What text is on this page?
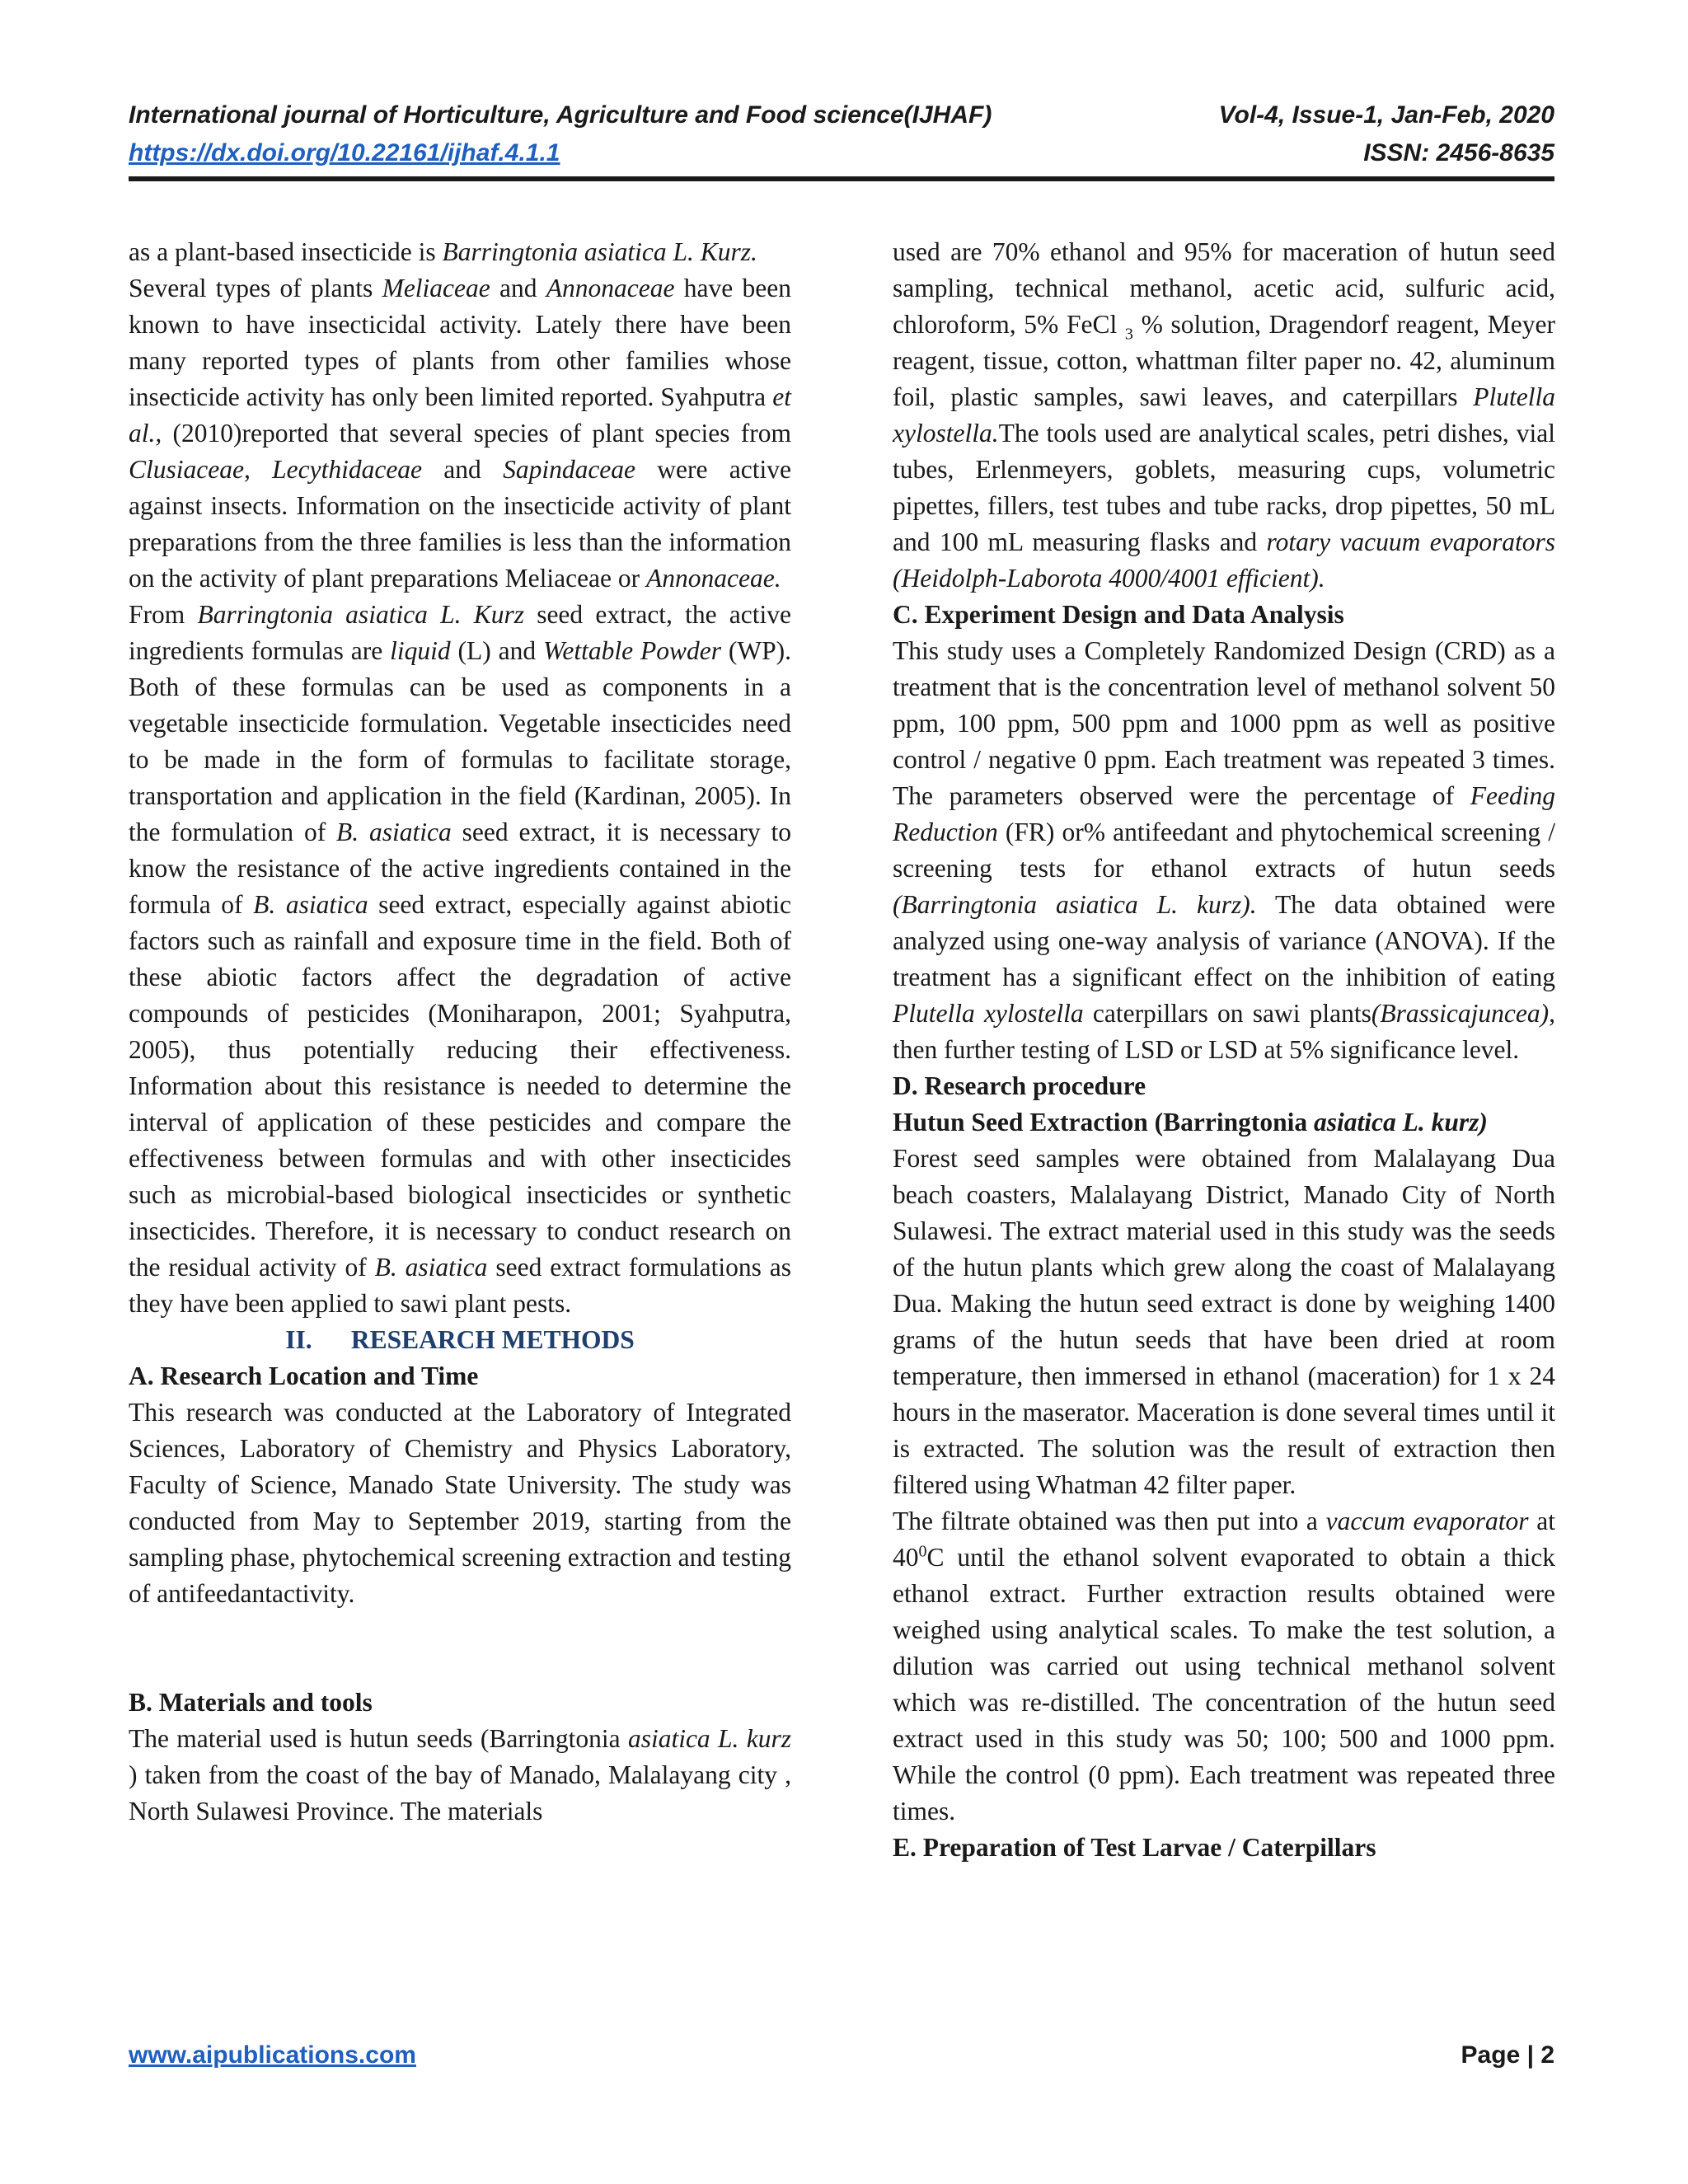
International journal of Horticulture, Agriculture and Food science(IJHAF)	Vol-4, Issue-1, Jan-Feb, 2020
https://dx.doi.org/10.22161/ijhaf.4.1.1	ISSN: 2456-8635

as a plant-based insecticide is Barringtonia asiatica L. Kurz.

Several types of plants Meliaceae and Annonaceae have been known to have insecticidal activity. Lately there have been many reported types of plants from other families whose insecticide activity has only been limited reported. Syahputra et al., (2010)reported that several species of plant species from Clusiaceae, Lecythidaceae and Sapindaceae were active against insects. Information on the insecticide activity of plant preparations from the three families is less than the information on the activity of plant preparations Meliaceae or Annonaceae.

From Barringtonia asiatica L. Kurz seed extract, the active ingredients formulas are liquid (L) and Wettable Powder (WP). Both of these formulas can be used as components in a vegetable insecticide formulation. Vegetable insecticides need to be made in the form of formulas to facilitate storage, transportation and application in the field (Kardinan, 2005). In the formulation of B. asiatica seed extract, it is necessary to know the resistance of the active ingredients contained in the formula of B. asiatica seed extract, especially against abiotic factors such as rainfall and exposure time in the field. Both of these abiotic factors affect the degradation of active compounds of pesticides (Moniharapon, 2001; Syahputra, 2005), thus potentially reducing their effectiveness. Information about this resistance is needed to determine the interval of application of these pesticides and compare the effectiveness between formulas and with other insecticides such as microbial-based biological insecticides or synthetic insecticides. Therefore, it is necessary to conduct research on the residual activity of B. asiatica seed extract formulations as they have been applied to sawi plant pests.

II. RESEARCH METHODS

A. Research Location and Time

This research was conducted at the Laboratory of Integrated Sciences, Laboratory of Chemistry and Physics Laboratory, Faculty of Science, Manado State University. The study was conducted from May to September 2019, starting from the sampling phase, phytochemical screening extraction and testing of antifeedantactivity.

B. Materials and tools

The material used is hutun seeds (Barringtonia asiatica L. kurz ) taken from the coast of the bay of Manado, Malalayang city , North Sulawesi Province. The materials

used are 70% ethanol and 95% for maceration of hutun seed sampling, technical methanol, acetic acid, sulfuric acid, chloroform, 5% FeCl $_3$ % solution, Dragendorf reagent, Meyer reagent, tissue, cotton, whattman filter paper no. 42, aluminum foil, plastic samples, sawi leaves, and caterpillars Plutella xylostella.The tools used are analytical scales, petri dishes, vial tubes, Erlenmeyers, goblets, measuring cups, volumetric pipettes, fillers, test tubes and tube racks, drop pipettes, 50 mL and 100 mL measuring flasks and rotary vacuum evaporators (Heidolph-Laborota 4000/4001 efficient).

C. Experiment Design and Data Analysis

This study uses a Completely Randomized Design (CRD) as a treatment that is the concentration level of methanol solvent 50 ppm, 100 ppm, 500 ppm and 1000 ppm as well as positive control / negative 0 ppm. Each treatment was repeated 3 times. The parameters observed were the percentage of Feeding Reduction (FR) or% antifeedant and phytochemical screening / screening tests for ethanol extracts of hutun seeds (Barringtonia asiatica L. kurz). The data obtained were analyzed using one-way analysis of variance (ANOVA). If the treatment has a significant effect on the inhibition of eating Plutella xylostella caterpillars on sawi plants(Brassicajuncea), then further testing of LSD or LSD at 5% significance level.

D. Research procedure

Hutun Seed Extraction (Barringtonia asiatica L. kurz)

Forest seed samples were obtained from Malalayang Dua beach coasters, Malalayang District, Manado City of North Sulawesi. The extract material used in this study was the seeds of the hutun plants which grew along the coast of Malalayang Dua. Making the hutun seed extract is done by weighing 1400 grams of the hutun seeds that have been dried at room temperature, then immersed in ethanol (maceration) for 1 x 24 hours in the maserator. Maceration is done several times until it is extracted. The solution was the result of extraction then filtered using Whatman 42 filter paper.

The filtrate obtained was then put into a vaccum evaporator at $40^0C$ until the ethanol solvent evaporated to obtain a thick ethanol extract. Further extraction results obtained were weighed using analytical scales. To make the test solution, a dilution was carried out using technical methanol solvent which was re-distilled. The concentration of the hutun seed extract used in this study was 50; 100; 500 and 1000 ppm. While the control (0 ppm). Each treatment was repeated three times.

E. Preparation of Test Larvae / Caterpillars

www.aipublications.com	Page | 2
